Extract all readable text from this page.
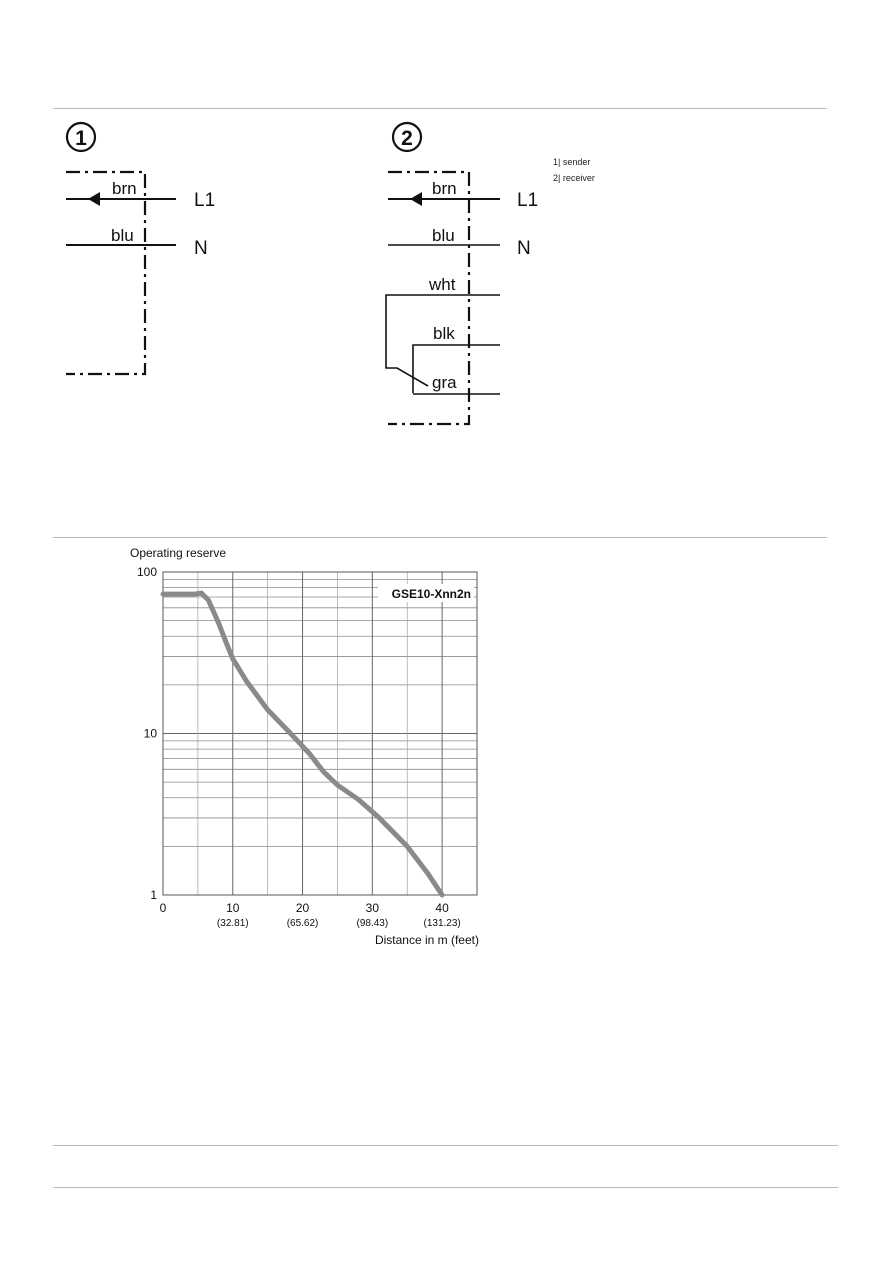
1
brn
L1
blu
N
2
brn
L1
blu
N
wht
blk
gra
1| sender
2| receiver
0	10
(32.81)
20
(65.62)
30
(98.43)
40
(131.23)
1
10
100
GSE10-Xnn2n
Operating reserve
Distance in m (feet)
